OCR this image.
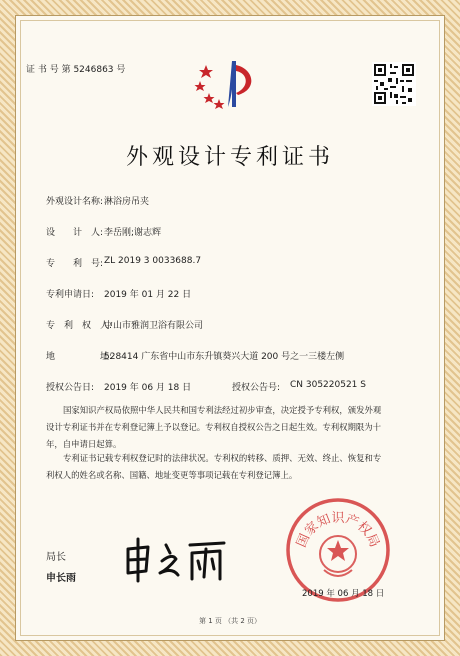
证 书 号 第 5246863 号
外观设计专利证书
外观设计名称: 淋浴房吊夹
设　　计　人: 李岳刚;谢志辉
专　　利　号: ZL 2019 3 0033688.7
专利申请日: 2019 年 01 月 22 日
专　利　权　人:
中山市雅润卫浴有限公司
地　　　　　址:
528414 广东省中山市东升镇葵兴大道 200 号之一三楼左侧
授权公告日: 2019 年 06 月 18 日	授权公告号: CN 305220521 S
国家知识产权局依照中华人民共和国专利法经过初步审查，决定授予专利权，颁发外观
设计专利证书并在专利登记簿上予以登记。专利权自授权公告之日起生效。专利权期限为十
年，自申请日起算。
专利证书记载专利权登记时的法律状况。专利权的转移、质押、无效、终止、恢复和专
利权人的姓名或名称、国籍、地址变更等事项记载在专利登记簿上。
国家知识产权局
2019 年 06 月 18 日
局长
申长雨
第 1 页 （共 2 页）
